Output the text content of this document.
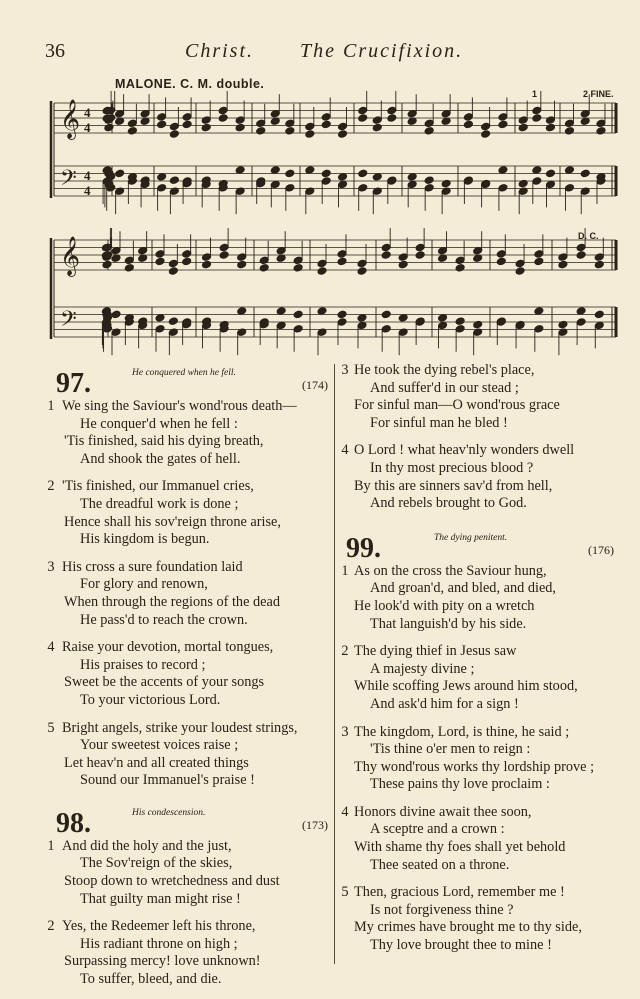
36	Christ. The Crucifixion.
MALONE. C. M. double.
1	2 FINE.
D. C.
𝄞
𝄢
4
4
4
4
𝄞
𝄢
97.	He conquered when he fell.
(174)
1 We sing the Saviour's wond'rous death—
He conquer'd when he fell :
'Tis finished, said his dying breath,
And shook the gates of hell.
2 'Tis finished, our Immanuel cries,
The dreadful work is done ;
Hence shall his sov'reign throne arise,
His kingdom is begun.
3 His cross a sure foundation laid
For glory and renown,
When through the regions of the dead
He pass'd to reach the crown.
4 Raise your devotion, mortal tongues,
His praises to record ;
Sweet be the accents of your songs
To your victorious Lord.
5 Bright angels, strike your loudest strings,
Your sweetest voices raise ;
Let heav'n and all created things
Sound our Immanuel's praise !
98.	His condescension.
(173)
1 And did the holy and the just,
The Sov'reign of the skies,
Stoop down to wretchedness and dust
That guilty man might rise !
2 Yes, the Redeemer left his throne,
His radiant throne on high ;
Surpassing mercy! love unknown!
To suffer, bleed, and die.
3 He took the dying rebel's place,
And suffer'd in our stead ;
For sinful man—O wond'rous grace
For sinful man he bled !
4 O Lord ! what heav'nly wonders dwell
In thy most precious blood ?
By this are sinners sav'd from hell,
And rebels brought to God.
99.	The dying penitent.
(176)
1 As on the cross the Saviour hung,
And groan'd, and bled, and died,
He look'd with pity on a wretch
That languish'd by his side.
2 The dying thief in Jesus saw
A majesty divine ;
While scoffing Jews around him stood,
And ask'd him for a sign !
3 The kingdom, Lord, is thine, he said ;
'Tis thine o'er men to reign :
Thy wond'rous works thy lordship prove ;
These pains thy love proclaim :
4 Honors divine await thee soon,
A sceptre and a crown :
With shame thy foes shall yet behold
Thee seated on a throne.
5 Then, gracious Lord, remember me !
Is not forgiveness thine ?
My crimes have brought me to thy side,
Thy love brought thee to mine !
